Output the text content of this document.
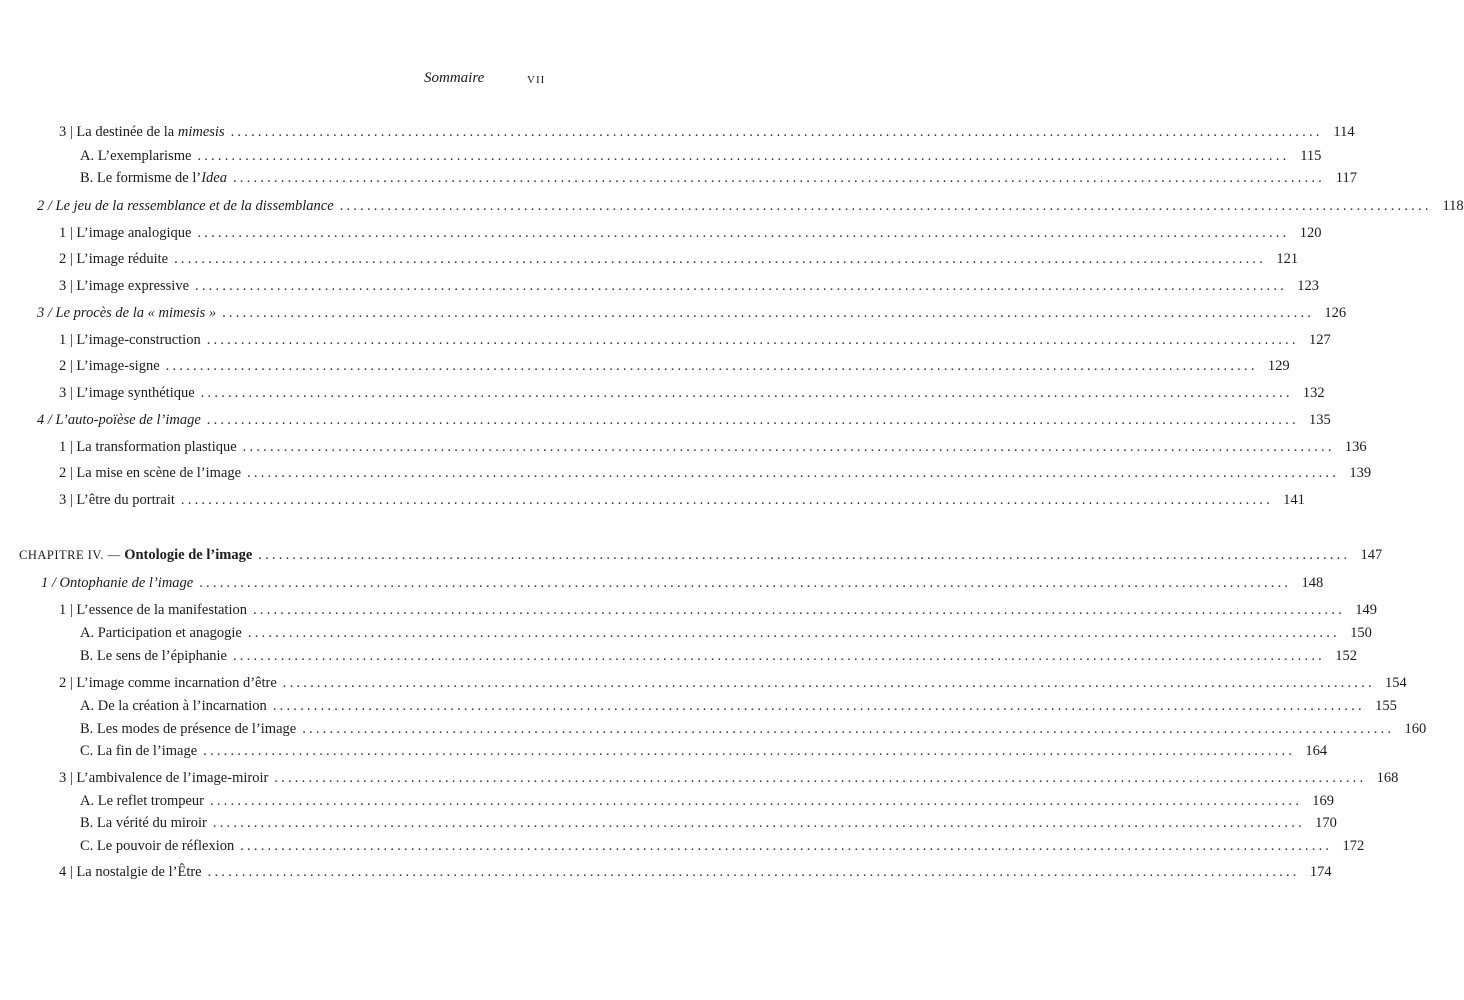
Sommaire	VII
3 | La destinée de la mimesis ................................................................................................................................................................ 114
A. L’exemplarisme ................................................................................................................................................................ 115
B. Le formisme de l’Idea ................................................................................................................................................................ 117
2 / Le jeu de la ressemblance et de la dissemblance ................................................................................................................................................................ 118
1 | L’image analogique ................................................................................................................................................................ 120
2 | L’image réduite ................................................................................................................................................................ 121
3 | L’image expressive ................................................................................................................................................................ 123
3 / Le procès de la « mimesis » ................................................................................................................................................................ 126
1 | L’image-construction ................................................................................................................................................................ 127
2 | L’image-signe ................................................................................................................................................................ 129
3 | L’image synthétique ................................................................................................................................................................ 132
4 / L’auto-poïèse de l’image ................................................................................................................................................................ 135
1 | La transformation plastique ................................................................................................................................................................ 136
2 | La mise en scène de l’image ................................................................................................................................................................ 139
3 | L’être du portrait ................................................................................................................................................................ 141
CHAPITRE IV. — Ontologie de l’image ................................................................................................................................................................ 147
1 / Ontophanie de l’image ................................................................................................................................................................ 148
1 | L’essence de la manifestation ................................................................................................................................................................ 149
A. Participation et anagogie ................................................................................................................................................................ 150
B. Le sens de l’épiphanie ................................................................................................................................................................ 152
2 | L’image comme incarnation d’être ................................................................................................................................................................ 154
A. De la création à l’incarnation ................................................................................................................................................................ 155
B. Les modes de présence de l’image ................................................................................................................................................................ 160
C. La fin de l’image ................................................................................................................................................................ 164
3 | L’ambivalence de l’image-miroir ................................................................................................................................................................ 168
A. Le reflet trompeur ................................................................................................................................................................ 169
B. La vérité du miroir ................................................................................................................................................................ 170
C. Le pouvoir de réflexion ................................................................................................................................................................ 172
4 | La nostalgie de l’Être ................................................................................................................................................................ 174
